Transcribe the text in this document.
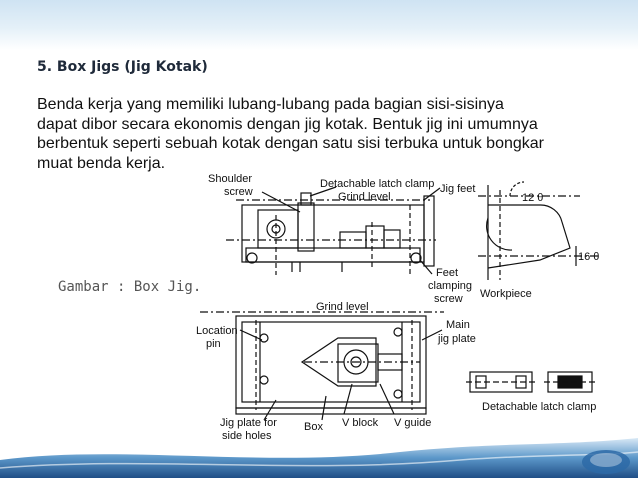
5. Box Jigs (Jig Kotak)
Benda kerja yang memiliki lubang-lubang pada bagian sisi-sisinya
dapat dibor secara ekonomis dengan jig kotak. Bentuk jig ini umumnya
berbentuk seperti sebuah kotak dengan satu sisi terbuka untuk bongkar
muat benda kerja.
Gambar : Box Jig.
Shoulder
screw
Detachable latch clamp
Grind level
Jig feet
12 θ
16 θ
Feet
clamping
screw Workpiece
Grind level
Location
pin
Main
jig plate
Jig plate for
side holes
Box V block V guide
Detachable latch clamp
